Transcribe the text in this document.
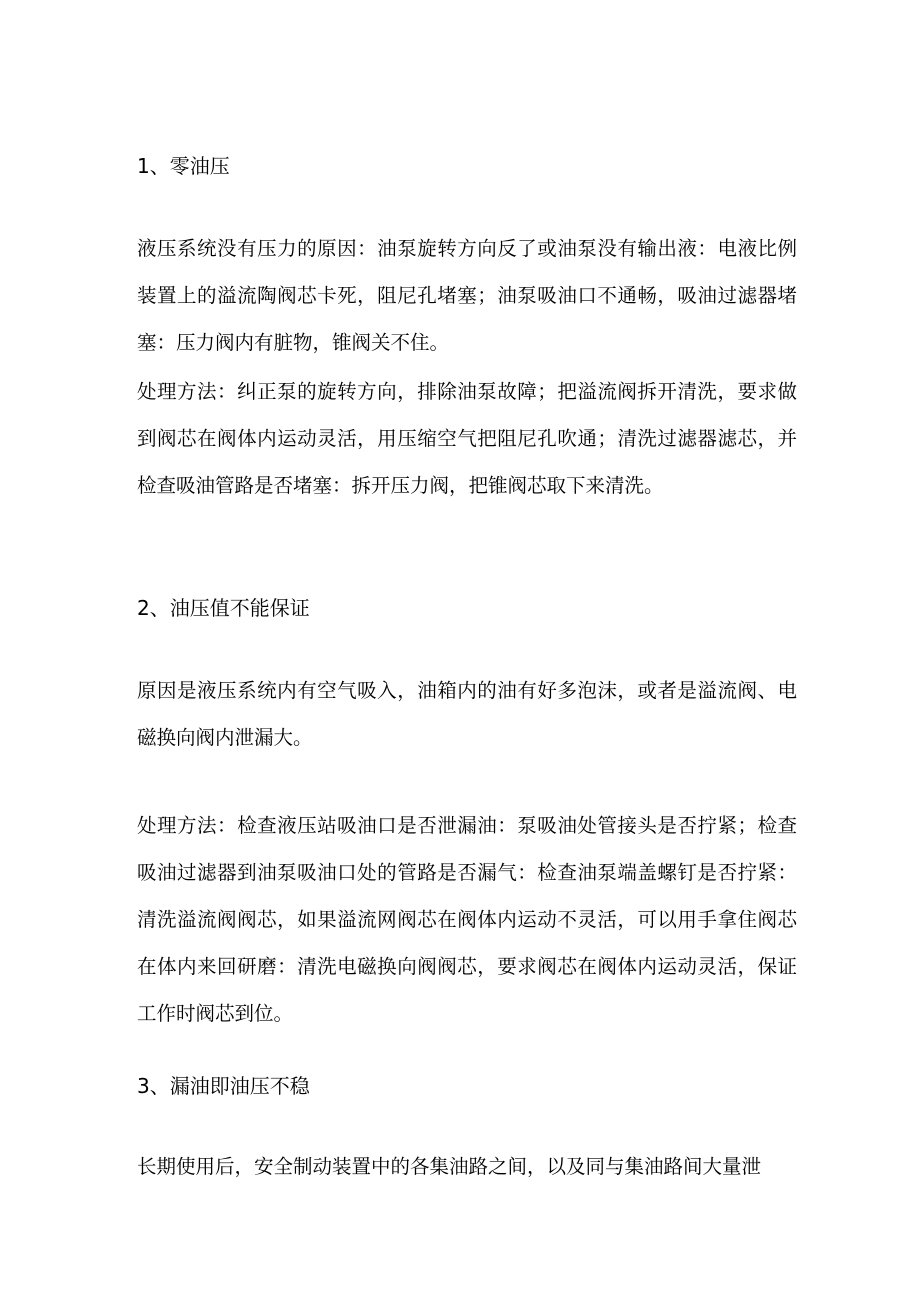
1、零油压
液压系统没有压力的原因：油泵旋转方向反了或油泵没有输出液：电液比例装置上的溢流陶阀芯卡死，阻尼孔堵塞；油泵吸油口不通畅，吸油过滤器堵塞：压力阀内有脏物，锥阀关不住。
处理方法：纠正泵的旋转方向，排除油泵故障；把溢流阀拆开清洗，要求做到阀芯在阀体内运动灵活，用压缩空气把阻尼孔吹通；清洗过滤器滤芯，并检查吸油管路是否堵塞：拆开压力阀，把锥阀芯取下来清洗。
2、油压值不能保证
原因是液压系统内有空气吸入，油箱内的油有好多泡沫，或者是溢流阀、电磁换向阀内泄漏大。
处理方法：检查液压站吸油口是否泄漏油：泵吸油处管接头是否拧紧；检查吸油过滤器到油泵吸油口处的管路是否漏气：检查油泵端盖螺钉是否拧紧：清洗溢流阀阀芯，如果溢流网阀芯在阀体内运动不灵活，可以用手拿住阀芯在体内来回研磨：清洗电磁换向阀阀芯，要求阀芯在阀体内运动灵活，保证工作时阀芯到位。
3、漏油即油压不稳
长期使用后，安全制动装置中的各集油路之间，以及同与集油路间大量泄
